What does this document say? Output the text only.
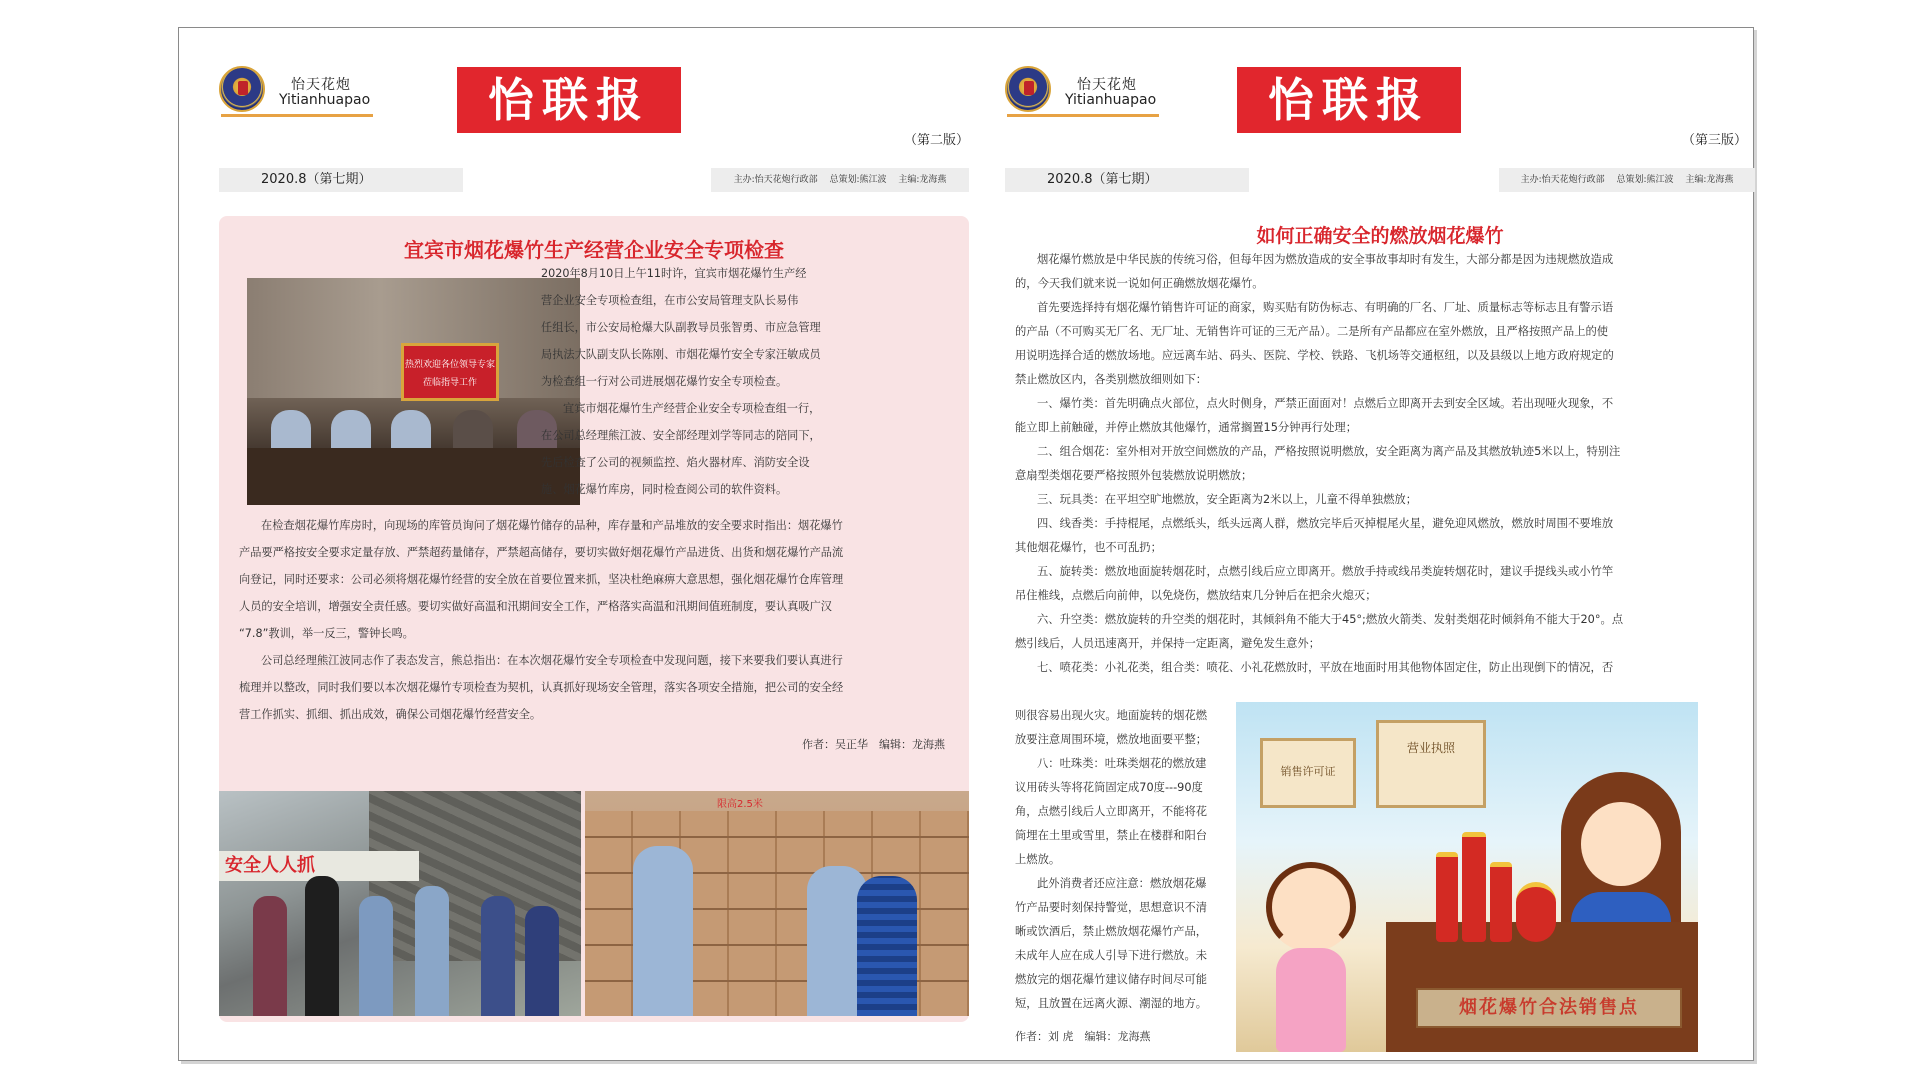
怡天花炮
Yitianhuapao	怡联报
（第二版）
2020.8（第七期）	主办:怡天花炮行政部　 总策划:熊江波　 主编:龙海燕
宜宾市烟花爆竹生产经营企业安全专项检查
热烈欢迎各位领导专家莅临指导工作
2020年8月10日上午11时许，宜宾市烟花爆竹生产经
营企业安全专项检查组，在市公安局管理支队长易伟
任组长，市公安局枪爆大队副教导员张智勇、市应急管理
局执法大队副支队长陈刚、市烟花爆竹安全专家汪敏成员
为检查组一行对公司进展烟花爆竹安全专项检查。
宜宾市烟花爆竹生产经营企业安全专项检查组一行，
在公司总经理熊江波、安全部经理刘学等同志的陪同下，
先后检查了公司的视频监控、焰火器材库、消防安全设
施、烟花爆竹库房，同时检查阅公司的软件资料。
在检查烟花爆竹库房时，向现场的库管员询问了烟花爆竹储存的品种，库存量和产品堆放的安全要求时指出：烟花爆竹
产品要严格按安全要求定量存放、严禁超药量储存，严禁超高储存，要切实做好烟花爆竹产品进货、出货和烟花爆竹产品流
向登记，同时还要求：公司必须将烟花爆竹经营的安全放在首要位置来抓，坚决杜绝麻痹大意思想，强化烟花爆竹仓库管理
人员的安全培训，增强安全责任感。要切实做好高温和汛期间安全工作，严格落实高温和汛期间值班制度，要认真吸广汉
“7.8”教训，举一反三，警钟长鸣。
公司总经理熊江波同志作了表态发言，熊总指出：在本次烟花爆竹安全专项检查中发现问题，接下来要我们要认真进行
梳理并以整改，同时我们要以本次烟花爆竹专项检查为契机，认真抓好现场安全管理，落实各项安全措施，把公司的安全经
营工作抓实、抓细、抓出成效，确保公司烟花爆竹经营安全。
作者：吴正华　编辑：龙海燕
安全人人抓
限高2.5米
怡天花炮
Yitianhuapao	怡联报
（第三版）
2020.8（第七期）	主办:怡天花炮行政部　 总策划:熊江波　 主编:龙海燕
如何正确安全的燃放烟花爆竹
烟花爆竹燃放是中华民族的传统习俗，但每年因为燃放造成的安全事故事却时有发生，大部分都是因为违规燃放造成
的，今天我们就来说一说如何正确燃放烟花爆竹。
首先要选择持有烟花爆竹销售许可证的商家，购买贴有防伪标志、有明确的厂名、厂址、质量标志等标志且有警示语
的产品（不可购买无厂名、无厂址、无销售许可证的三无产品）。二是所有产品都应在室外燃放，且严格按照产品上的使
用说明选择合适的燃放场地。应远离车站、码头、医院、学校、铁路、飞机场等交通枢纽，以及县级以上地方政府规定的
禁止燃放区内，各类别燃放细则如下：
一、爆竹类：首先明确点火部位，点火时侧身，严禁正面面对！点燃后立即离开去到安全区域。若出现哑火现象，不
能立即上前触碰，并停止燃放其他爆竹，通常搁置15分钟再行处理；
二、组合烟花：室外相对开放空间燃放的产品，严格按照说明燃放，安全距离为离产品及其燃放轨迹5米以上，特别注
意扇型类烟花要严格按照外包装燃放说明燃放；
三、玩具类：在平坦空旷地燃放，安全距离为2米以上，儿童不得单独燃放；
四、线香类：手持棍尾，点燃纸头，纸头远离人群，燃放完毕后灭掉棍尾火星，避免迎风燃放，燃放时周围不要堆放
其他烟花爆竹，也不可乱扔；
五、旋转类：燃放地面旋转烟花时，点燃引线后应立即离开。燃放手持或线吊类旋转烟花时，建议手提线头或小竹竿
吊住椎线，点燃后向前伸，以免烧伤，燃放结束几分钟后在把余火熄灭；
六、升空类：燃放旋转的升空类的烟花时，其倾斜角不能大于45°;燃放火箭类、发射类烟花时倾斜角不能大于20°。点
燃引线后，人员迅速离开，并保持一定距离，避免发生意外；
七、喷花类：小礼花类，组合类：喷花、小礼花燃放时，平放在地面时用其他物体固定住，防止出现倒下的情况，否
则很容易出现火灾。地面旋转的烟花燃
放要注意周围环境，燃放地面要平整；
八：吐珠类：吐珠类烟花的燃放建
议用砖头等将花筒固定成70度---90度
角，点燃引线后人立即离开，不能将花
筒埋在土里或雪里，禁止在楼群和阳台
上燃放。
此外消费者还应注意：燃放烟花爆
竹产品要时刻保持警觉，思想意识不清
晰或饮酒后，禁止燃放烟花爆竹产品，
未成年人应在成人引导下进行燃放。未
燃放完的烟花爆竹建议储存时间尽可能
短，且放置在远离火源、潮湿的地方。
作者：刘 虎　编辑：龙海燕
销售许可证
营业执照
烟花爆竹合法销售点
